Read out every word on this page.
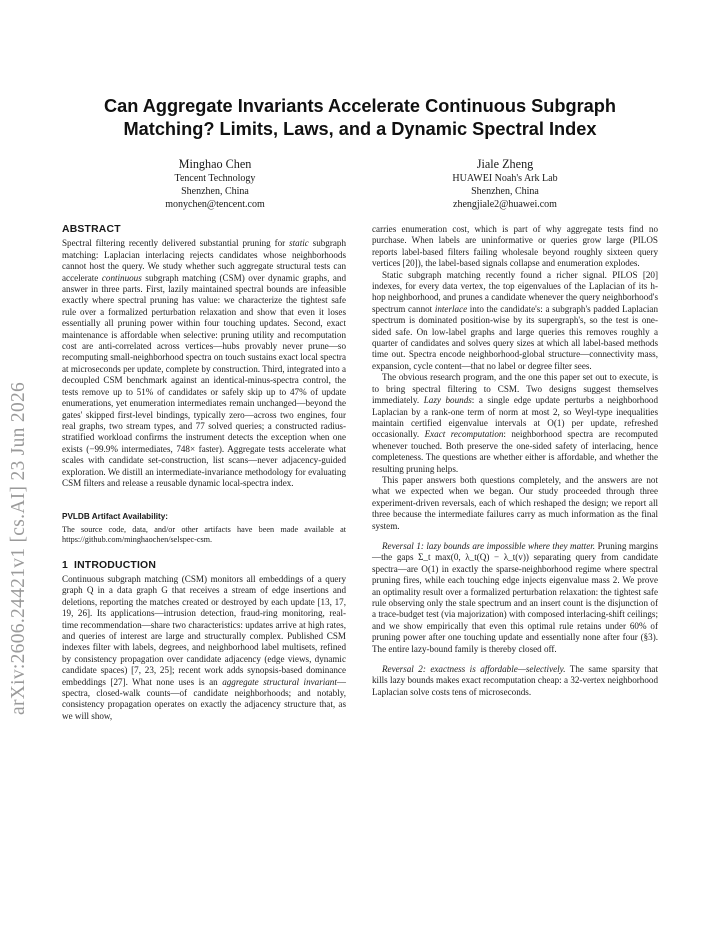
arXiv:2606.24421v1 [cs.AI] 23 Jun 2026
Can Aggregate Invariants Accelerate Continuous Subgraph
Matching? Limits, Laws, and a Dynamic Spectral Index
Minghao Chen
Tencent Technology
Shenzhen, China
monychen@tencent.com
Jiale Zheng
HUAWEI Noah's Ark Lab
Shenzhen, China
zhengjiale2@huawei.com
ABSTRACT

Spectral filtering recently delivered substantial pruning for static subgraph matching: Laplacian interlacing rejects candidates whose neighborhoods cannot host the query. We study whether such aggregate structural tests can accelerate continuous subgraph matching (CSM) over dynamic graphs, and answer in three parts. First, lazily maintained spectral bounds are infeasible exactly where spectral pruning has value: we characterize the tightest safe rule over a formalized perturbation relaxation and show that even it loses essentially all pruning power within four touching updates. Second, exact maintenance is affordable when selective: pruning utility and recomputation cost are anti-correlated across vertices—hubs provably never prune—so recomputing small-neighborhood spectra on touch sustains exact local spectra at microseconds per update, complete by construction. Third, integrated into a decoupled CSM benchmark against an identical-minus-spectra control, the tests remove up to 51% of candidates or safely skip up to 47% of update enumerations, yet enumeration intermediates remain unchanged—beyond the gates' skipped first-level bindings, typically zero—across two engines, four real graphs, two stream types, and 77 solved queries; a constructed radius-stratified workload confirms the instrument detects the exception when one exists (−99.9% intermediates, 748× faster). Aggregate tests accelerate what scales with candidate set-construction, list scans—never adjacency-guided exploration. We distill an intermediate-invariance methodology for evaluating CSM filters and release a reusable dynamic local-spectra index.

PVLDB Artifact Availability:
The source code, data, and/or other artifacts have been made available at https://github.com/minghaochen/selspec-csm.
1 INTRODUCTION

Continuous subgraph matching (CSM) monitors all embeddings of a query graph Q in a data graph G that receives a stream of edge insertions and deletions, reporting the matches created or destroyed by each update [13, 17, 19, 26]. Its applications—intrusion detection, fraud-ring monitoring, real-time recommendation—share two characteristics: updates arrive at high rates, and queries of interest are large and structurally complex. Published CSM indexes filter with labels, degrees, and neighborhood label multisets, refined by consistency propagation over candidate adjacency (edge views, dynamic candidate spaces) [7, 23, 25]; recent work adds synopsis-based dominance embeddings [27]. What none uses is an aggregate structural invariant—spectra, closed-walk counts—of candidate neighborhoods; and notably, consistency propagation operates on exactly the adjacency structure that, as we will show,

carries enumeration cost, which is part of why aggregate tests find no purchase. When labels are uninformative or queries grow large (PILOS reports label-based filters failing wholesale beyond roughly sixteen query vertices [20]), the label-based signals collapse and enumeration explodes.

Static subgraph matching recently found a richer signal. PILOS [20] indexes, for every data vertex, the top eigenvalues of the Laplacian of its h-hop neighborhood, and prunes a candidate whenever the query neighborhood's spectrum cannot interlace into the candidate's: a subgraph's padded Laplacian spectrum is dominated position-wise by its supergraph's, so the test is one-sided safe. On low-label graphs and large queries this removes roughly a quarter of candidates and solves query sizes at which all label-based methods time out. Spectra encode neighborhood-global structure—connectivity mass, expansion, cycle content—that no label or degree filter sees.

The obvious research program, and the one this paper set out to execute, is to bring spectral filtering to CSM. Two designs suggest themselves immediately. Lazy bounds: a single edge update perturbs a neighborhood Laplacian by a rank-one term of norm at most 2, so Weyl-type inequalities maintain certified eigenvalue intervals at O(1) per update, refreshed occasionally. Exact recomputation: neighborhood spectra are recomputed whenever touched. Both preserve the one-sided safety of interlacing, hence completeness. The questions are whether either is affordable, and whether the resulting pruning helps.

This paper answers both questions completely, and the answers are not what we expected when we began. Our study proceeded through three experiment-driven reversals, each of which reshaped the design; we report all three because the intermediate failures carry as much information as the final system.

Reversal 1: lazy bounds are impossible where they matter. Pruning margins—the gaps Σ_t max(0, λ_t(Q) − λ_t(v)) separating query from candidate spectra—are O(1) in exactly the sparse-neighborhood regime where spectral pruning fires, while each touching edge injects eigenvalue mass 2. We prove an optimality result over a formalized perturbation relaxation: the tightest safe rule observing only the stale spectrum and an insert count is the disjunction of a trace-budget test (via majorization) with composed interlacing-shift ceilings; and we show empirically that even this optimal rule retains under 60% of pruning power after one touching update and essentially none after four (§3). The entire lazy-bound family is thereby closed off.

Reversal 2: exactness is affordable—selectively. The same sparsity that kills lazy bounds makes exact recomputation cheap: a 32-vertex neighborhood Laplacian solve costs tens of microseconds.
